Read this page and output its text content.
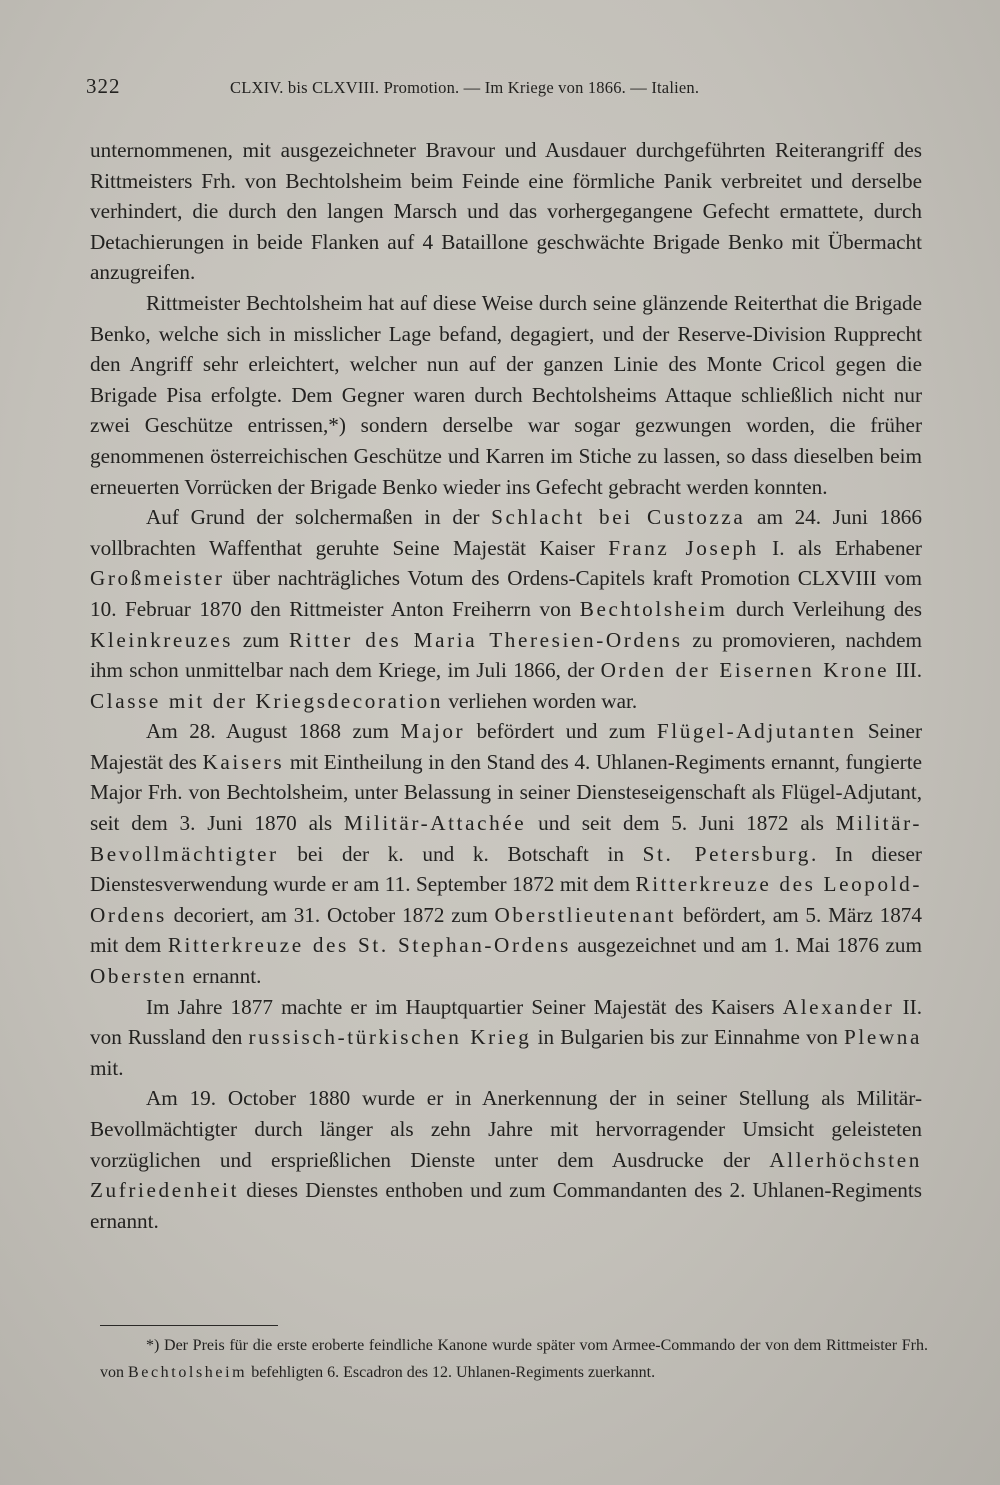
322	CLXIV. bis CLXVIII. Promotion. — Im Kriege von 1866. — Italien.

unternommenen, mit ausgezeichneter Bravour und Ausdauer durchgeführten Reiterangriff des Rittmeisters Frh. von Bechtolsheim beim Feinde eine förmliche Panik verbreitet und derselbe verhindert, die durch den langen Marsch und das vorhergegangene Gefecht ermattete, durch Detachierungen in beide Flanken auf 4 Bataillone geschwächte Brigade Benko mit Übermacht anzugreifen.

Rittmeister Bechtolsheim hat auf diese Weise durch seine glänzende Reiterthat die Brigade Benko, welche sich in misslicher Lage befand, degagiert, und der Reserve-Division Rupprecht den Angriff sehr erleichtert, welcher nun auf der ganzen Linie des Monte Cricol gegen die Brigade Pisa erfolgte. Dem Gegner waren durch Bechtolsheims Attaque schließlich nicht nur zwei Geschütze entrissen,*) sondern derselbe war sogar gezwungen worden, die früher genommenen österreichischen Geschütze und Karren im Stiche zu lassen, so dass dieselben beim erneuerten Vorrücken der Brigade Benko wieder ins Gefecht gebracht werden konnten.

Auf Grund der solchermaßen in der Schlacht bei Custozza am 24. Juni 1866 vollbrachten Waffenthat geruhte Seine Majestät Kaiser Franz Joseph I. als Erhabener Großmeister über nachträgliches Votum des Ordens-Capitels kraft Promotion CLXVIII vom 10. Februar 1870 den Rittmeister Anton Freiherrn von Bechtolsheim durch Verleihung des Kleinkreuzes zum Ritter des Maria Theresien-Ordens zu promovieren, nachdem ihm schon unmittelbar nach dem Kriege, im Juli 1866, der Orden der Eisernen Krone III. Classe mit der Kriegsdecoration verliehen worden war.

Am 28. August 1868 zum Major befördert und zum Flügel-Adjutanten Seiner Majestät des Kaisers mit Eintheilung in den Stand des 4. Uhlanen-Regiments ernannt, fungierte Major Frh. von Bechtolsheim, unter Belassung in seiner Diensteseigenschaft als Flügel-Adjutant, seit dem 3. Juni 1870 als Militär-Attachée und seit dem 5. Juni 1872 als Militär-Bevollmächtigter bei der k. und k. Botschaft in St. Petersburg. In dieser Dienstesverwendung wurde er am 11. September 1872 mit dem Ritterkreuze des Leopold-Ordens decoriert, am 31. October 1872 zum Oberstlieutenant befördert, am 5. März 1874 mit dem Ritterkreuze des St. Stephan-Ordens ausgezeichnet und am 1. Mai 1876 zum Obersten ernannt.

Im Jahre 1877 machte er im Hauptquartier Seiner Majestät des Kaisers Alexander II. von Russland den russisch-türkischen Krieg in Bulgarien bis zur Einnahme von Plewna mit.

Am 19. October 1880 wurde er in Anerkennung der in seiner Stellung als Militär-Bevollmächtigter durch länger als zehn Jahre mit hervorragender Umsicht geleisteten vorzüglichen und ersprießlichen Dienste unter dem Ausdrucke der Allerhöchsten Zufriedenheit dieses Dienstes enthoben und zum Commandanten des 2. Uhlanen-Regiments ernannt.

*) Der Preis für die erste eroberte feindliche Kanone wurde später vom Armee-Commando der von dem Rittmeister Frh. von Bechtolsheim befehligten 6. Escadron des 12. Uhlanen-Regiments zuerkannt.
